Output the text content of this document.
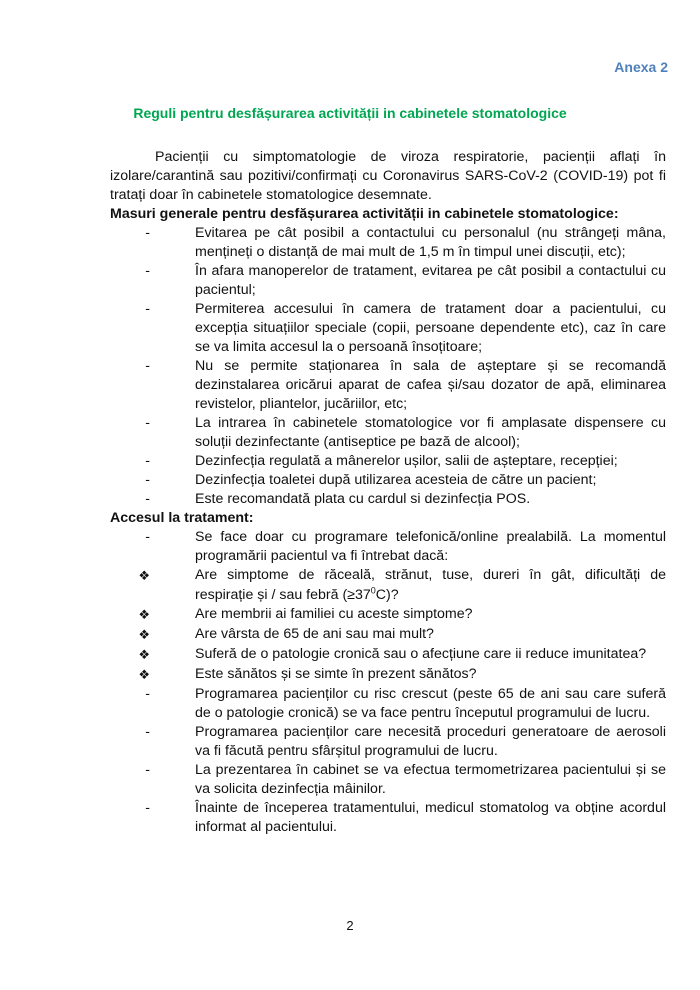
Anexa 2
Reguli pentru desfășurarea activității in cabinetele stomatologice

Pacienții cu simptomatologie de viroza respiratorie, pacienții aflați în izolare/carantină sau pozitivi/confirmați cu Coronavirus SARS-CoV-2 (COVID-19) pot fi tratați doar în cabinetele stomatologice desemnate.

Masuri generale pentru desfășurarea activității in cabinetele stomatologice:

-	Evitarea pe cât posibil a contactului cu personalul (nu strângeți mâna, mențineți o distanță de mai mult de 1,5 m în timpul unei discuții, etc);

-	În afara manoperelor de tratament, evitarea pe cât posibil a contactului cu pacientul;

-	Permiterea accesului în camera de tratament doar a pacientului, cu excepția situațiilor speciale (copii, persoane dependente etc), caz în care se va limita accesul la o persoană însoțitoare;

-	Nu se permite staționarea în sala de așteptare și se recomandă dezinstalarea oricărui aparat de cafea și/sau dozator de apă, eliminarea revistelor, pliantelor, jucăriilor, etc;

-	La intrarea în cabinetele stomatologice vor fi amplasate dispensere cu soluții dezinfectante (antiseptice pe bază de alcool);

-	Dezinfecția regulată a mânerelor ușilor, salii de așteptare, recepției;

-	Dezinfecția toaletei după utilizarea acesteia de către un pacient;

-	Este recomandată plata cu cardul si dezinfecția POS.

Accesul la tratament:

-	Se face doar cu programare telefonică/online prealabilă. La momentul programării pacientul va fi întrebat dacă:

❖	Are simptome de răceală, strănut, tuse, dureri în gât, dificultăți de respirație și / sau febră $(\ge 37^0C)$?

❖	Are membrii ai familiei cu aceste simptome?

❖	Are vârsta de 65 de ani sau mai mult?

❖	Suferă de o patologie cronică sau o afecțiune care ii reduce imunitatea?

❖	Este sănătos și se simte în prezent sănătos?

-	Programarea pacienților cu risc crescut (peste 65 de ani sau care suferă de o patologie cronică) se va face pentru începutul programului de lucru.

-	Programarea pacienților care necesită proceduri generatoare de aerosoli va fi făcută pentru sfârșitul programului de lucru.

-	La prezentarea în cabinet se va efectua termometrizarea pacientului și se va solicita dezinfecția mâinilor.

-	Înainte de începerea tratamentului, medicul stomatolog va obține acordul informat al pacientului.

2
